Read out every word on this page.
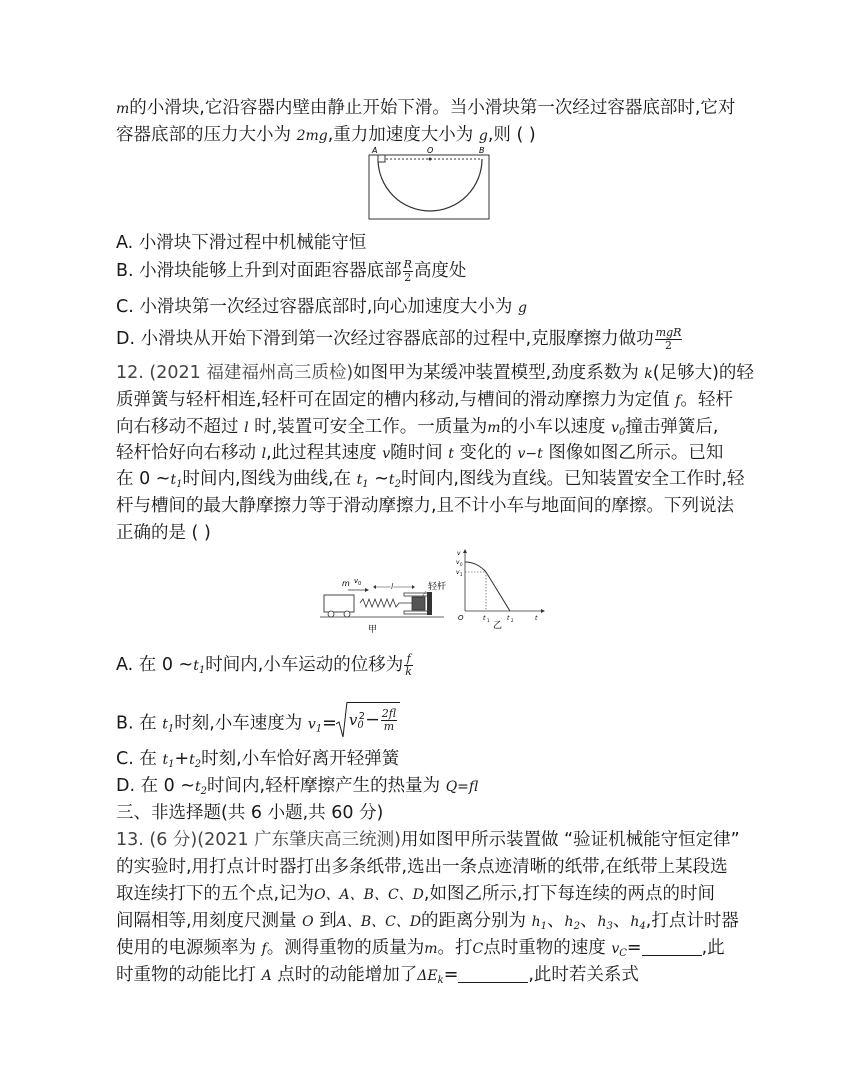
m的小滑块,它沿容器内壁由静止开始下滑。当小滑块第一次经过容器底部时,它对
容器底部的压力大小为 2mg,重力加速度大小为 g,则 ( )
A	O	B
A. 小滑块下滑过程中机械能守恒
B. 小滑块能够上升到对面距容器底部 $\frac{R}{2}$ 高度处
C. 小滑块第一次经过容器底部时,向心加速度大小为 g
D. 小滑块从开始下滑到第一次经过容器底部的过程中,克服摩擦力做功 $\frac{\text{mgR}}{2}$
12. (2021 福建福州高三质检)如图甲为某缓冲装置模型,劲度系数为 k(足够大)的轻
质弹簧与轻杆相连,轻杆可在固定的槽内移动,与槽间的滑动摩擦力为定值 f。轻杆
向右移动不超过 l 时,装置可安全工作。一质量为m的小车以速度 $v_0$撞击弹簧后,
轻杆恰好向右移动 l,此过程其速度 v随时间 t 变化的 v−t 图像如图乙所示。已知
在 0 $\sim t_1$时间内,图线为曲线,在 $t_1$ $\sim t_2$时间内,图线为直线。已知装置安全工作时,轻
杆与槽间的最大静摩擦力等于滑动摩擦力,且不计小车与地面间的摩擦。下列说法
正确的是 ( )
m v 0	l	轻杆
甲
v
v 0
v 1
O	t 1	t 2	t
乙
A. 在 0 $\sim t_1$时间内,小车运动的位移为 $\frac{f}{k}$
B. 在 $t_1$时刻,小车速度为 $v_1= v_0^2- \frac{2fl}{m}$
C. 在 $t_1+t_2$时刻,小车恰好离开轻弹簧
D. 在 0 $\sim t_2$时间内,轻杆摩擦产生的热量为 Q=fl
三、非选择题(共 6 小题,共 60 分)
13. (6 分)(2021 广东肇庆高三统测)用如图甲所示装置做 “验证机械能守恒定律”
的实验时,用打点计时器打出多条纸带,选出一条点迹清晰的纸带,在纸带上某段选
取连续打下的五个点,记为O、A、B、C、D,如图乙所示,打下每连续的两点的时间
间隔相等,用刻度尺测量 O 到A、B、C、D的距离分别为 $h_1$、$h_2$、$h_3$、$h_4$,打点计时器
使用的电源频率为 f。测得重物的质量为m。打C点时重物的速度 $v_C=$	,此
时重物的动能比打 A 点时的动能增加了$\Delta E_k=$	,此时若关系式
